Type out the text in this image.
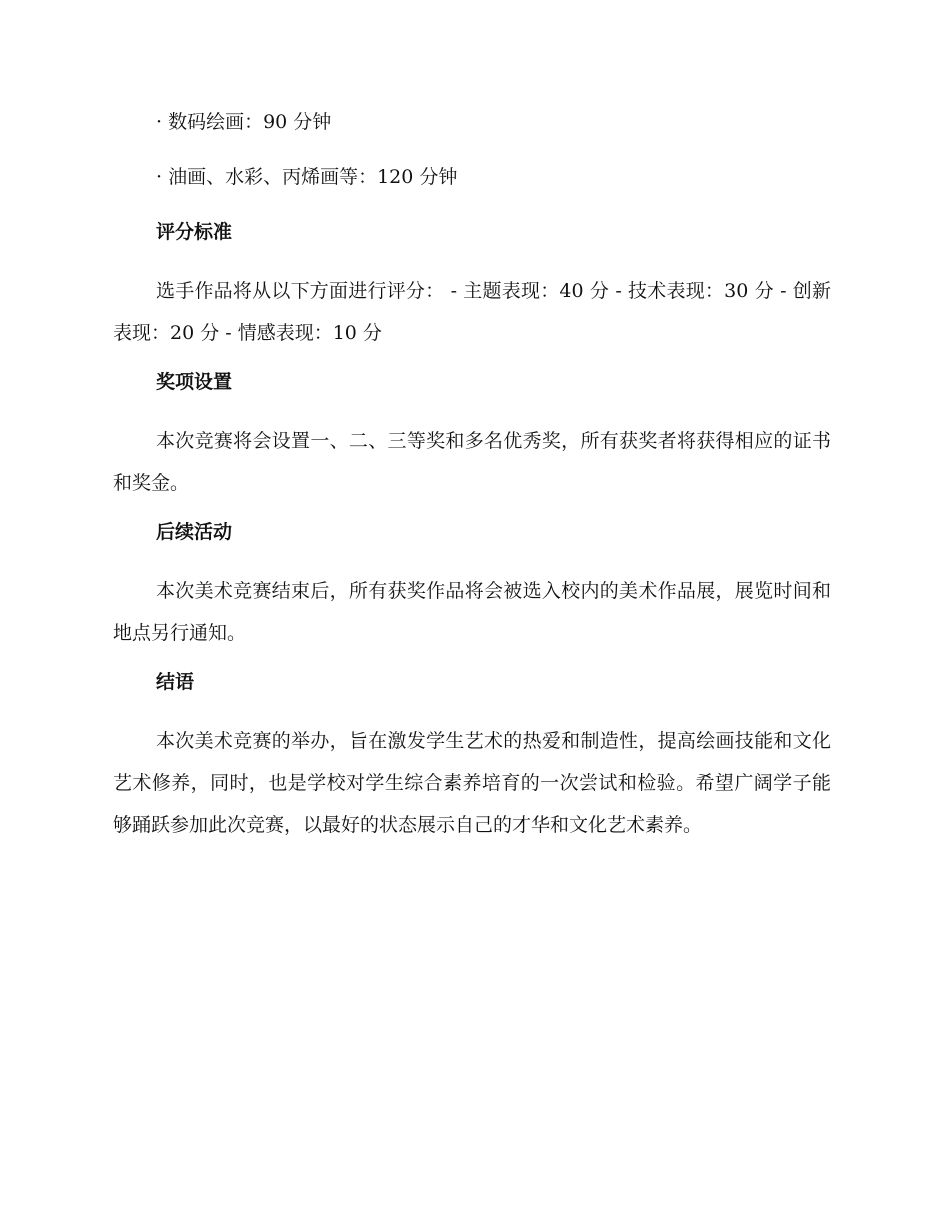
· 数码绘画：90 分钟
· 油画、水彩、丙烯画等：120 分钟
评分标准
选手作品将从以下方面进行评分： - 主题表现：40 分 - 技术表现：30 分 - 创新表现：20 分 - 情感表现：10 分
奖项设置
本次竞赛将会设置一、二、三等奖和多名优秀奖，所有获奖者将获得相应的证书和奖金。
后续活动
本次美术竞赛结束后，所有获奖作品将会被选入校内的美术作品展，展览时间和地点另行通知。
结语
本次美术竞赛的举办，旨在激发学生艺术的热爱和制造性，提高绘画技能和文化艺术修养，同时，也是学校对学生综合素养培育的一次尝试和检验。希望广阔学子能够踊跃参加此次竞赛，以最好的状态展示自己的才华和文化艺术素养。
